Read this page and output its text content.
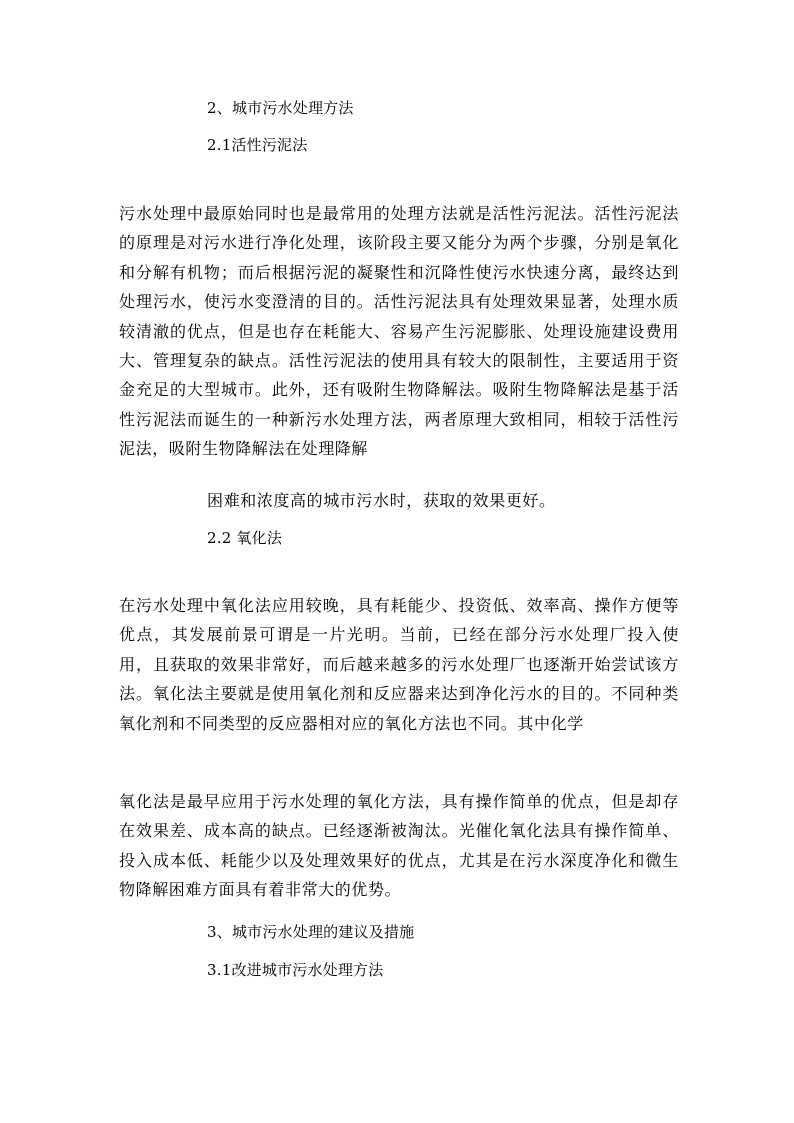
2、城市污水处理方法
2.1活性污泥法
污水处理中最原始同时也是最常用的处理方法就是活性污泥法。活性污泥法的原理是对污水进行净化处理，该阶段主要又能分为两个步骤，分别是氧化和分解有机物；而后根据污泥的凝聚性和沉降性使污水快速分离，最终达到处理污水，使污水变澄清的目的。活性污泥法具有处理效果显著，处理水质较清澈的优点，但是也存在耗能大、容易产生污泥膨胀、处理设施建设费用大、管理复杂的缺点。活性污泥法的使用具有较大的限制性，主要适用于资金充足的大型城市。此外，还有吸附生物降解法。吸附生物降解法是基于活性污泥法而诞生的一种新污水处理方法，两者原理大致相同，相较于活性污泥法，吸附生物降解法在处理降解
困难和浓度高的城市污水时，获取的效果更好。
2.2 氧化法
在污水处理中氧化法应用较晚，具有耗能少、投资低、效率高、操作方便等优点，其发展前景可谓是一片光明。当前，已经在部分污水处理厂投入使用，且获取的效果非常好，而后越来越多的污水处理厂也逐渐开始尝试该方法。氧化法主要就是使用氧化剂和反应器来达到净化污水的目的。不同种类氧化剂和不同类型的反应器相对应的氧化方法也不同。其中化学
氧化法是最早应用于污水处理的氧化方法，具有操作简单的优点，但是却存在效果差、成本高的缺点。已经逐渐被淘汰。光催化氧化法具有操作简单、投入成本低、耗能少以及处理效果好的优点，尤其是在污水深度净化和微生物降解困难方面具有着非常大的优势。
3、城市污水处理的建议及措施
3.1改进城市污水处理方法
